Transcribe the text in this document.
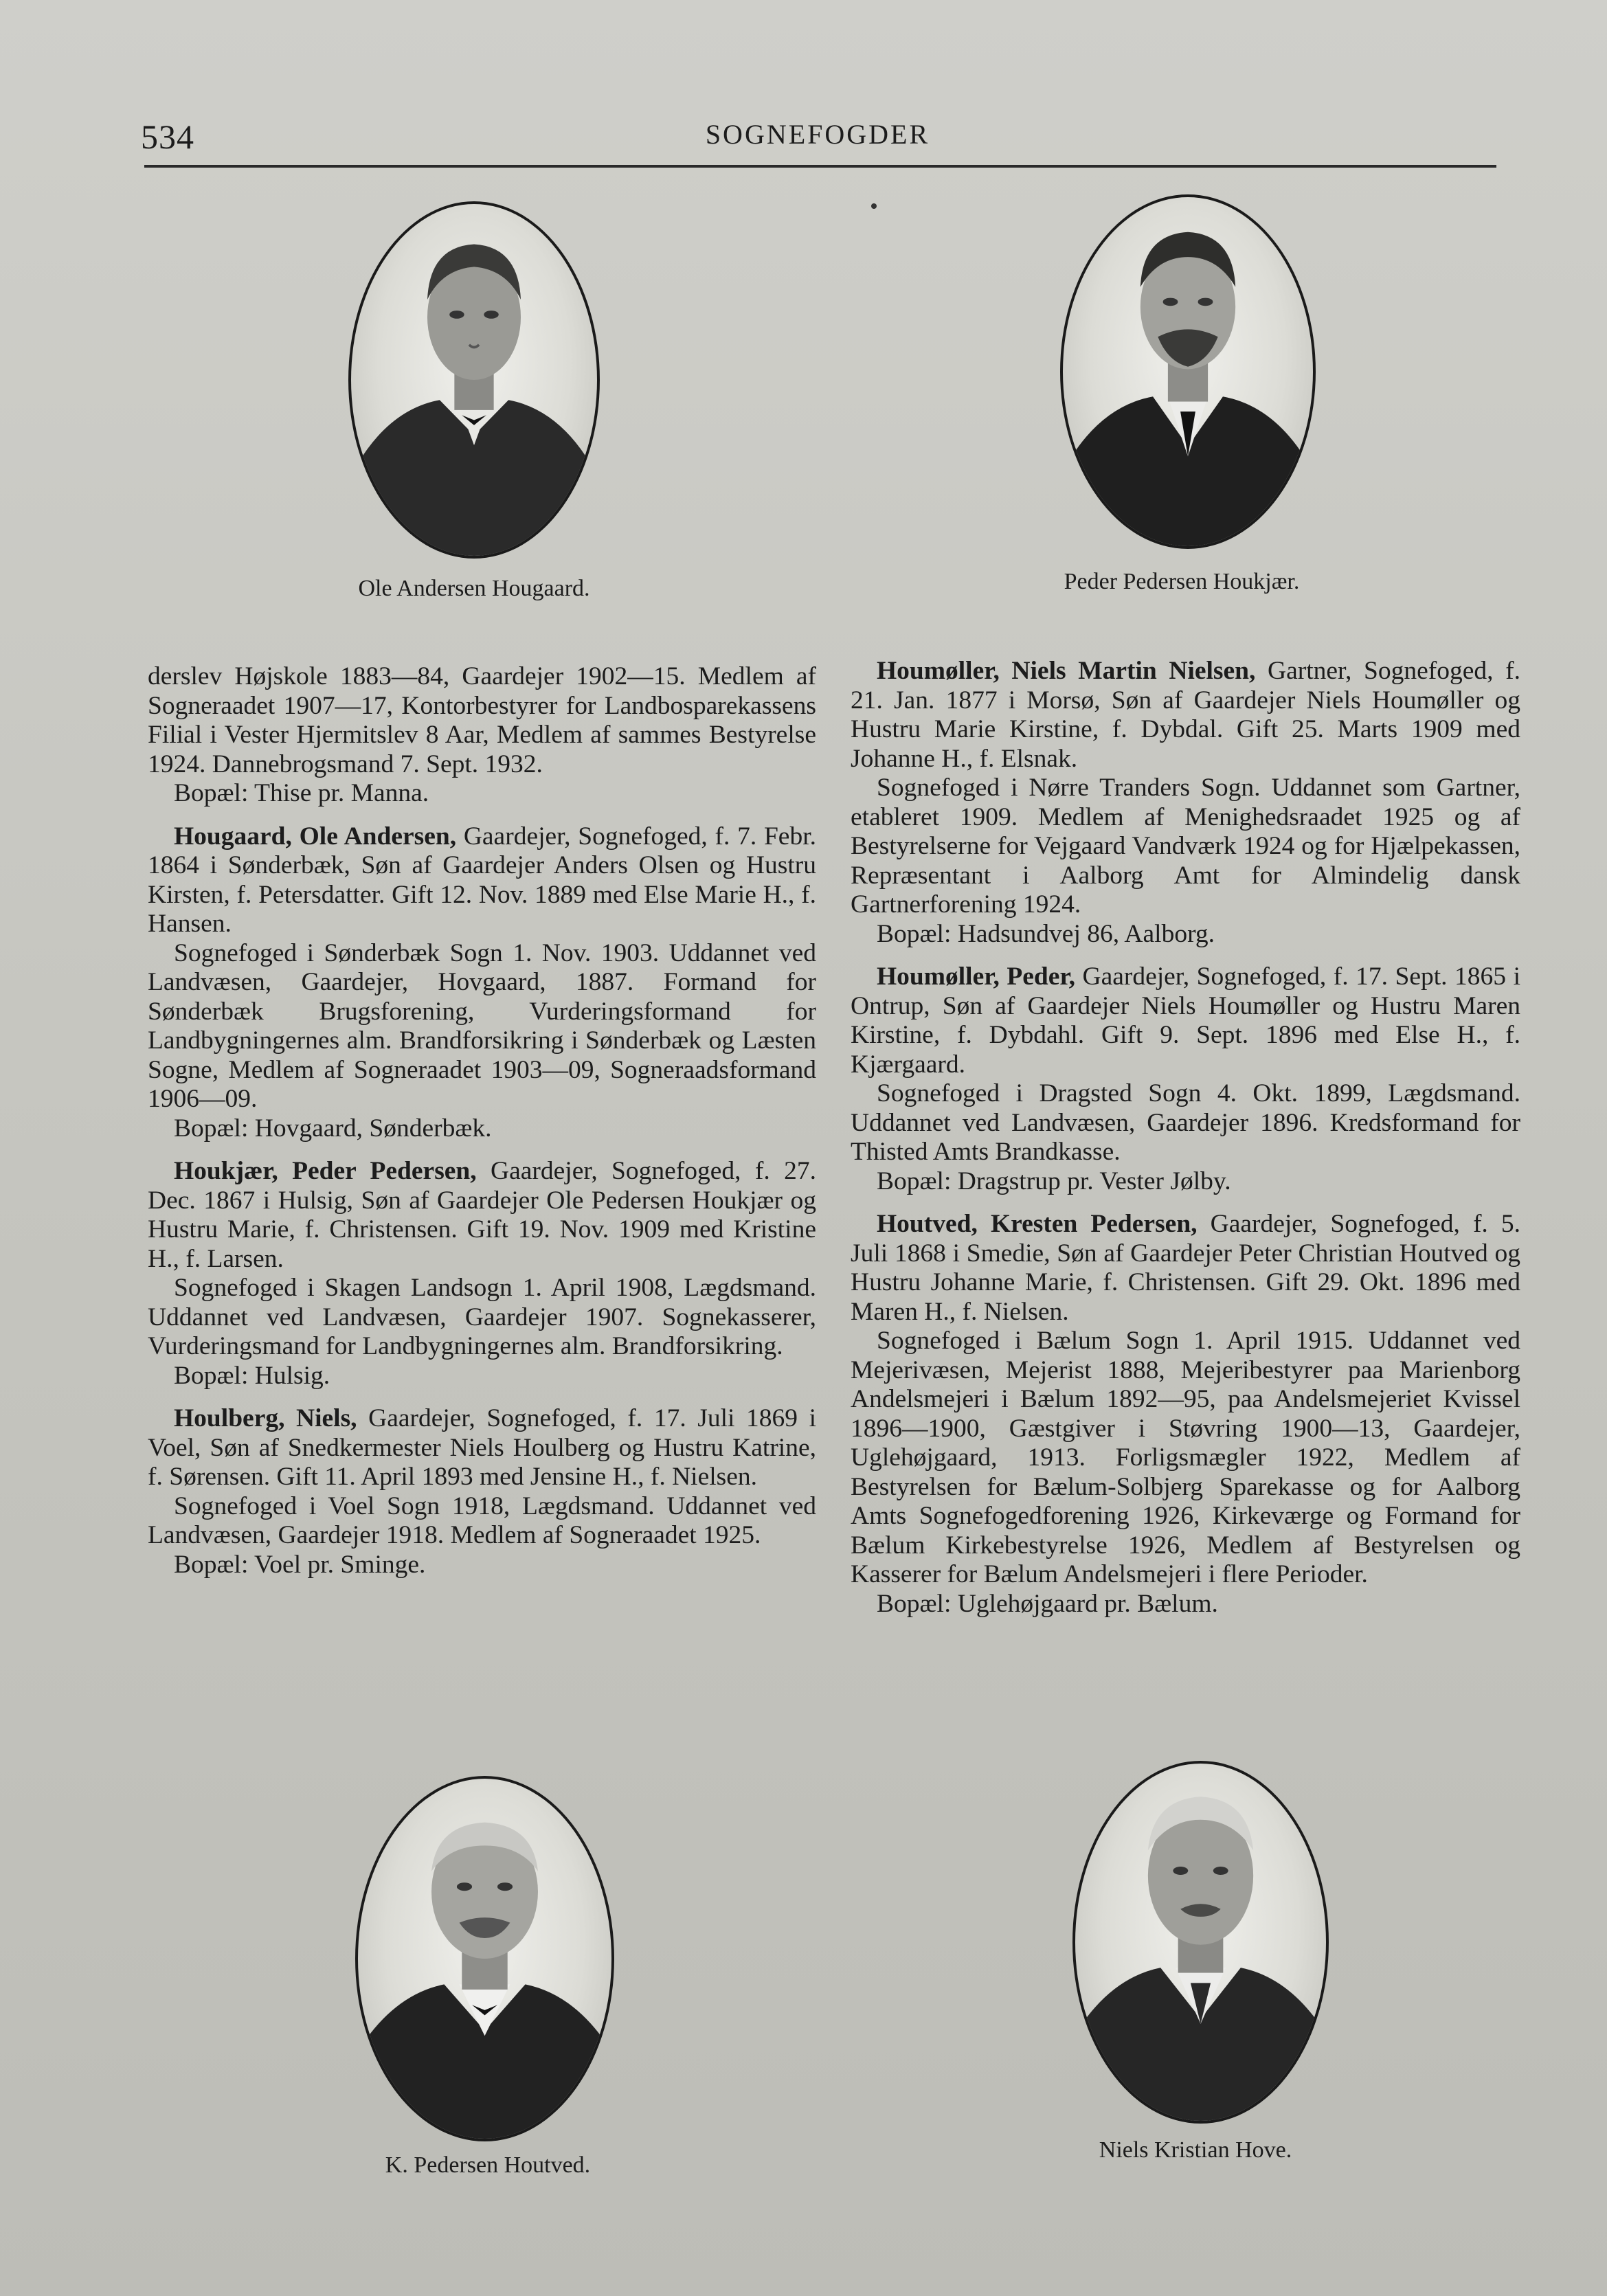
534	SOGNEFOGDER
Ole Andersen Hougaard.	Peder Pedersen Houkjær.

derslev Højskole 1883—84, Gaardejer 1902—15. Medlem af Sogneraadet 1907—17, Kontorbestyrer for Landbosparekassens Filial i Vester Hjermitslev 8 Aar, Medlem af sammes Bestyrelse 1924. Dannebrogsmand 7. Sept. 1932.

Bopæl: Thise pr. Manna.

Hougaard, Ole Andersen, Gaardejer, Sognefoged, f. 7. Febr. 1864 i Sønderbæk, Søn af Gaardejer Anders Olsen og Hustru Kirsten, f. Petersdatter. Gift 12. Nov. 1889 med Else Marie H., f. Hansen.

Sognefoged i Sønderbæk Sogn 1. Nov. 1903. Uddannet ved Landvæsen, Gaardejer, Hovgaard, 1887. Formand for Sønderbæk Brugsforening, Vurderingsformand for Landbygningernes alm. Brandforsikring i Sønderbæk og Læsten Sogne, Medlem af Sogneraadet 1903—09, Sogneraadsformand 1906—09.

Bopæl: Hovgaard, Sønderbæk.

Houkjær, Peder Pedersen, Gaardejer, Sognefoged, f. 27. Dec. 1867 i Hulsig, Søn af Gaardejer Ole Pedersen Houkjær og Hustru Marie, f. Christensen. Gift 19. Nov. 1909 med Kristine H., f. Larsen.

Sognefoged i Skagen Landsogn 1. April 1908, Lægdsmand. Uddannet ved Landvæsen, Gaardejer 1907. Sognekasserer, Vurderingsmand for Landbygningernes alm. Brandforsikring.

Bopæl: Hulsig.

Houlberg, Niels, Gaardejer, Sognefoged, f. 17. Juli 1869 i Voel, Søn af Snedkermester Niels Houlberg og Hustru Katrine, f. Sørensen. Gift 11. April 1893 med Jensine H., f. Nielsen.

Sognefoged i Voel Sogn 1918, Lægdsmand. Uddannet ved Landvæsen, Gaardejer 1918. Medlem af Sogneraadet 1925.

Bopæl: Voel pr. Sminge.

Houmøller, Niels Martin Nielsen, Gartner, Sognefoged, f. 21. Jan. 1877 i Morsø, Søn af Gaardejer Niels Houmøller og Hustru Marie Kirstine, f. Dybdal. Gift 25. Marts 1909 med Johanne H., f. Elsnak.

Sognefoged i Nørre Tranders Sogn. Uddannet som Gartner, etableret 1909. Medlem af Menighedsraadet 1925 og af Bestyrelserne for Vejgaard Vandværk 1924 og for Hjælpekassen, Repræsentant i Aalborg Amt for Almindelig dansk Gartnerforening 1924.

Bopæl: Hadsundvej 86, Aalborg.

Houmøller, Peder, Gaardejer, Sognefoged, f. 17. Sept. 1865 i Ontrup, Søn af Gaardejer Niels Houmøller og Hustru Maren Kirstine, f. Dybdahl. Gift 9. Sept. 1896 med Else H., f. Kjærgaard.

Sognefoged i Dragsted Sogn 4. Okt. 1899, Lægdsmand. Uddannet ved Landvæsen, Gaardejer 1896. Kredsformand for Thisted Amts Brandkasse.

Bopæl: Dragstrup pr. Vester Jølby.

Houtved, Kresten Pedersen, Gaardejer, Sognefoged, f. 5. Juli 1868 i Smedie, Søn af Gaardejer Peter Christian Houtved og Hustru Johanne Marie, f. Christensen. Gift 29. Okt. 1896 med Maren H., f. Nielsen.

Sognefoged i Bælum Sogn 1. April 1915. Uddannet ved Mejerivæsen, Mejerist 1888, Mejeribestyrer paa Marienborg Andelsmejeri i Bælum 1892—95, paa Andelsmejeriet Kvissel 1896—1900, Gæstgiver i Støvring 1900—13, Gaardejer, Uglehøjgaard, 1913. Forligsmægler 1922, Medlem af Bestyrelsen for Bælum-Solbjerg Sparekasse og for Aalborg Amts Sognefogedforening 1926, Kirkeværge og Formand for Bælum Kirkebestyrelse 1926, Medlem af Bestyrelsen og Kasserer for Bælum Andelsmejeri i flere Perioder.

Bopæl: Uglehøjgaard pr. Bælum.

K. Pedersen Houtved.
Niels Kristian Hove.
